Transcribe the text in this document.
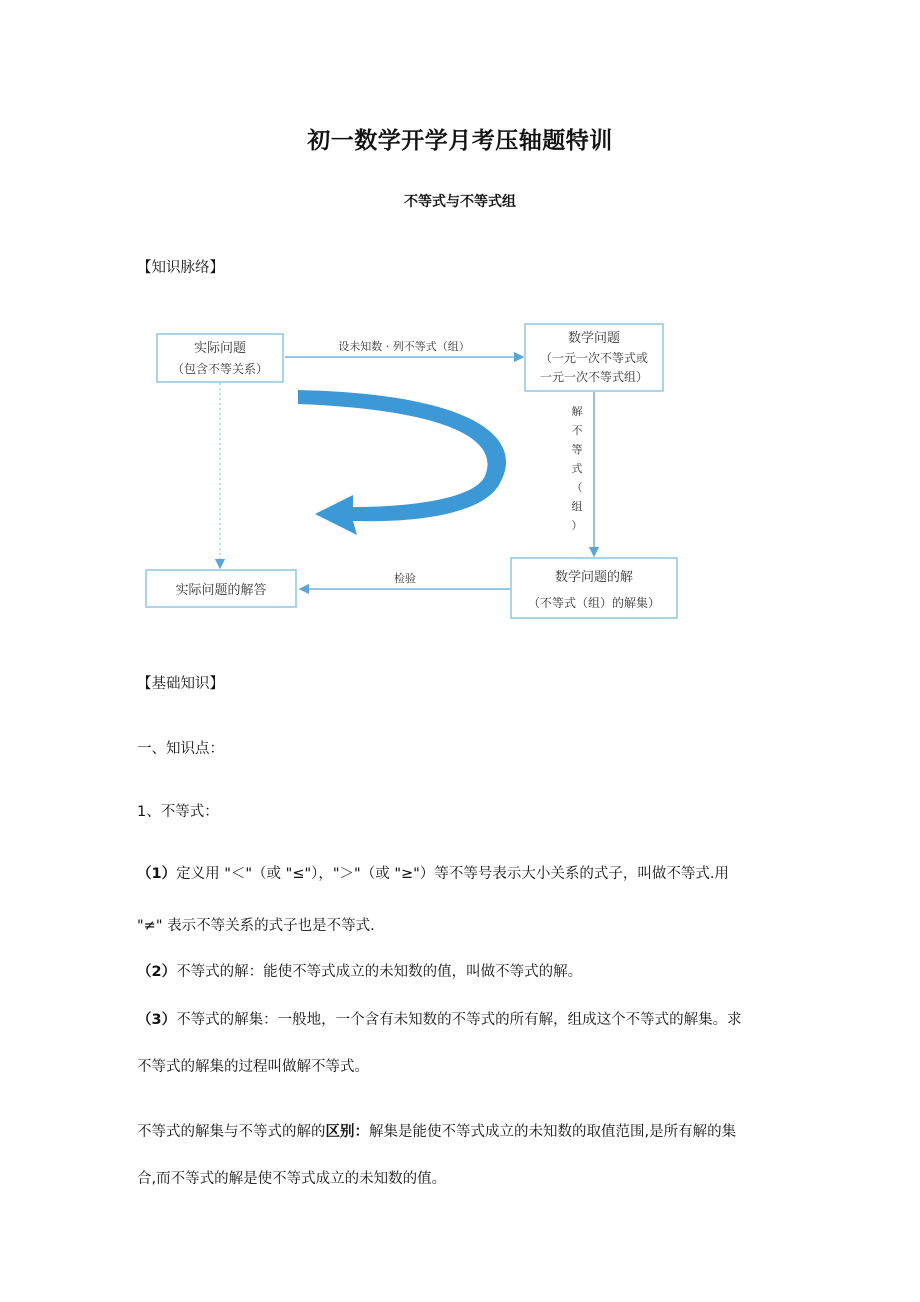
初一数学开学月考压轴题特训
不等式与不等式组
【知识脉络】
实际问题
（包含不等关系）
设未知数 · 列不等式（组）
数学问题
（一元一次不等式或
一元一次不等式组）
解
不
等
式
（
组
）
数学问题的解
（不等式（组）的解集）
检验
实际问题的解答
【基础知识】
一、知识点：
1、不等式：
（1）定义用 "＜"（或 "≤"），"＞"（或 "≥"）等不等号表示大小关系的式子，叫做不等式.用
"≠" 表示不等关系的式子也是不等式.
（2）不等式的解：能使不等式成立的未知数的值，叫做不等式的解。
（3）不等式的解集：一般地，一个含有未知数的不等式的所有解，组成这个不等式的解集。求
不等式的解集的过程叫做解不等式。
不等式的解集与不等式的解的区别：解集是能使不等式成立的未知数的取值范围,是所有解的集
合,而不等式的解是使不等式成立的未知数的值。
